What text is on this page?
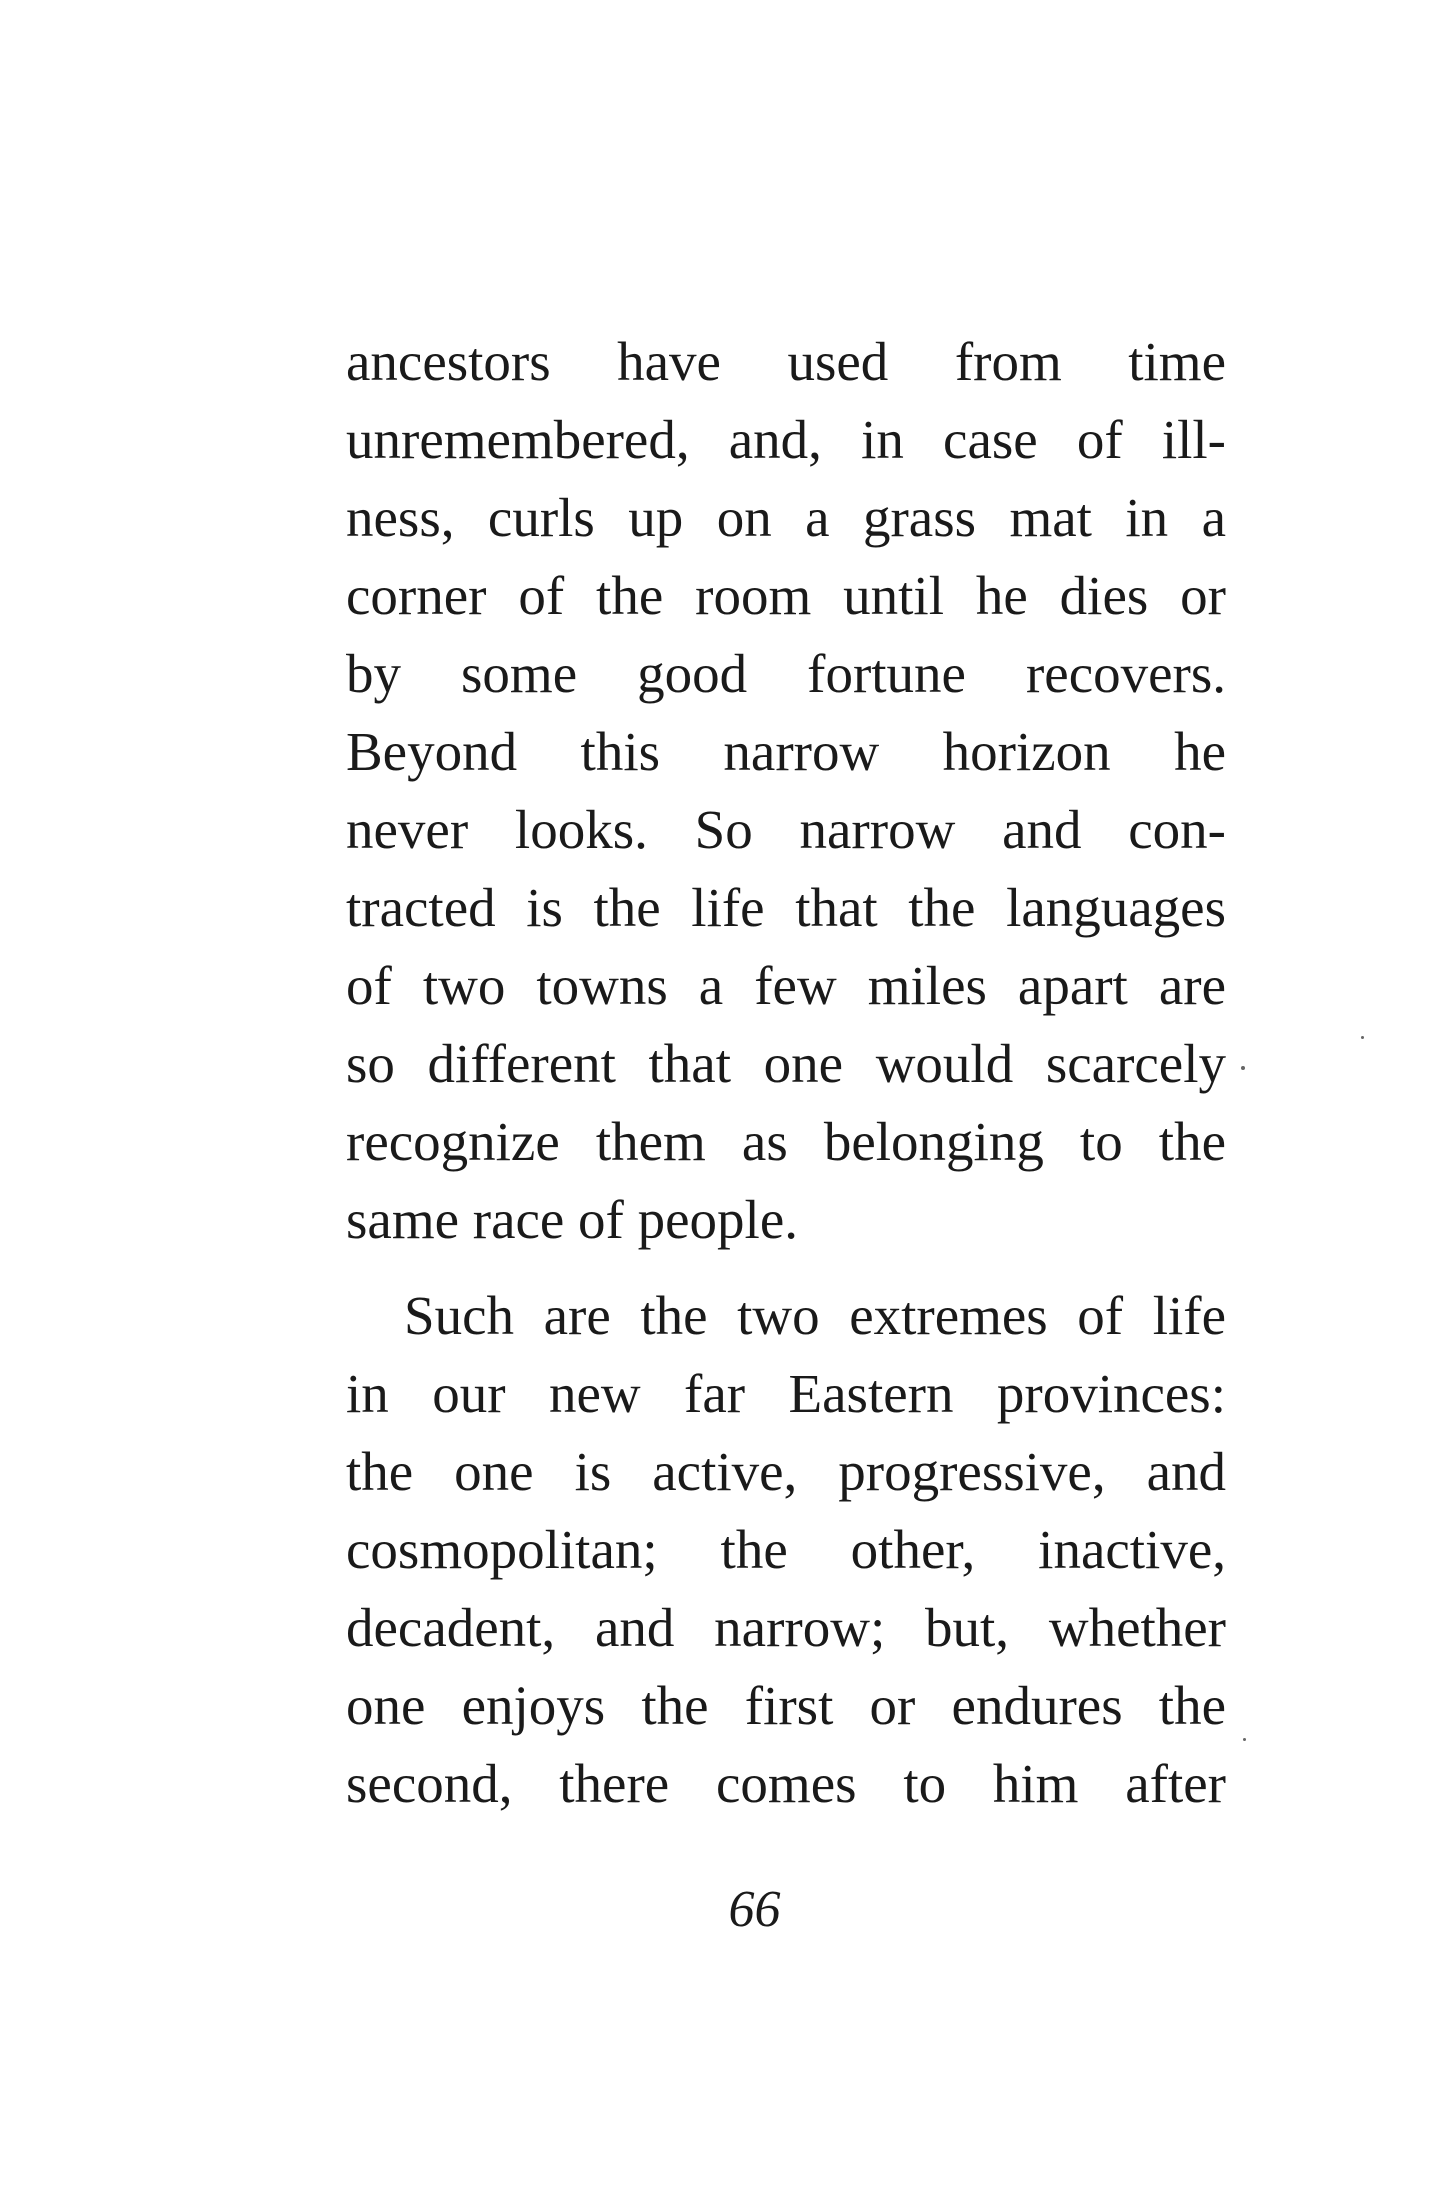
ancestors have used from time
unremembered, and, in case of ill-
ness, curls up on a grass mat in a
corner of the room until he dies or
by some good fortune recovers.
Beyond this narrow horizon he
never looks. So narrow and con-
tracted is the life that the languages
of two towns a few miles apart are
so different that one would scarcely
recognize them as belonging to the
same race of people.
Such are the two extremes of life
in our new far Eastern provinces:
the one is active, progressive, and
cosmopolitan; the other, inactive,
decadent, and narrow; but, whether
one enjoys the first or endures the
second, there comes to him after
66
